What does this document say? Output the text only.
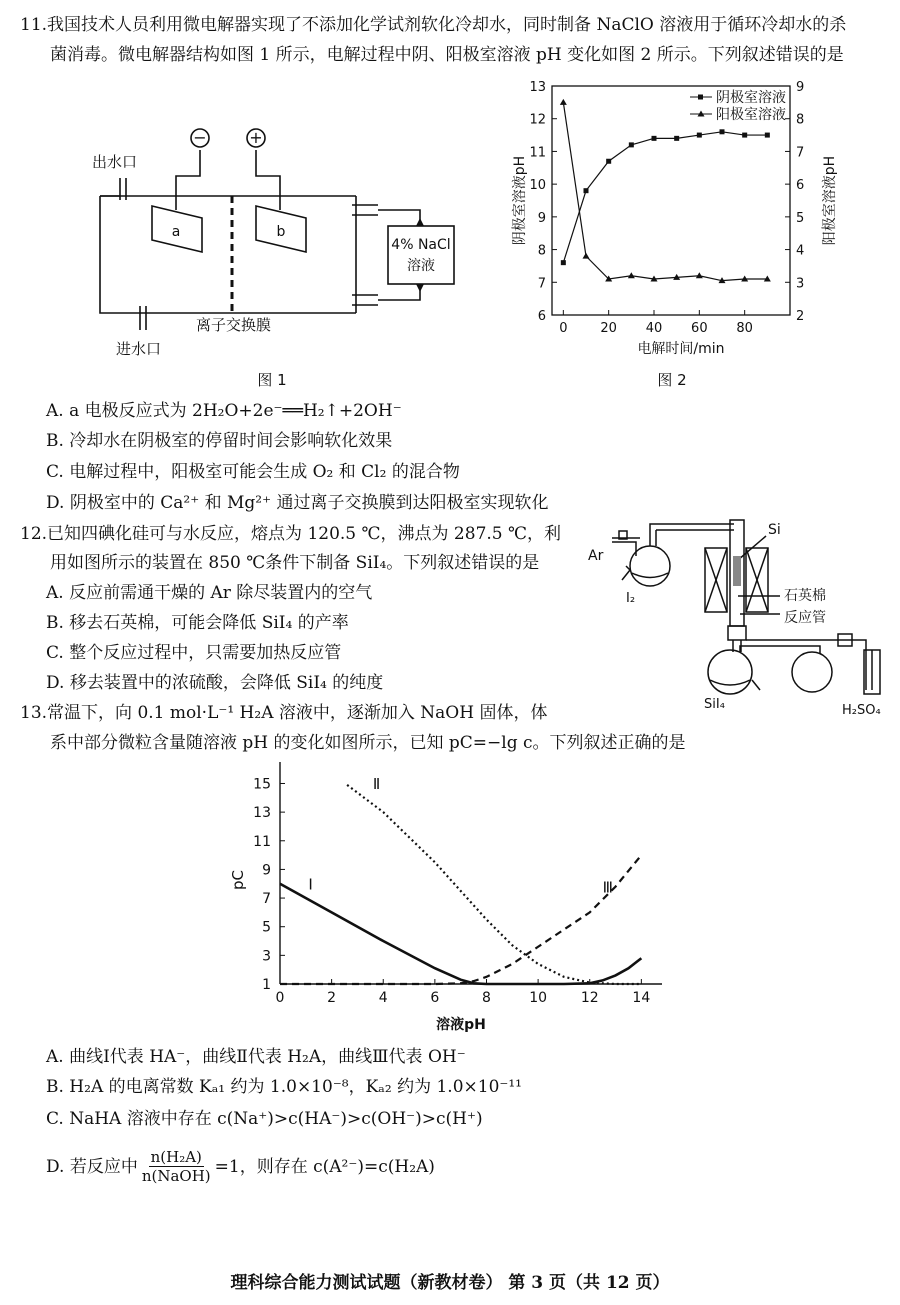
11.我国技术人员利用微电解器实现了不添加化学试剂软化冷却水，同时制备 NaClO 溶液用于循环冷却水的杀
菌消毒。微电解器结构如图 1 所示，电解过程中阴、阳极室溶液 pH 变化如图 2 所示。下列叙述错误的是
−	+
a	b
出水口
进水口
离子交换膜
4% NaCl
溶液
图 1
0	20 40 60 80
6
7
8
9
10
11
12
13
2
3
4
5
6
7
8
9
电解时间/min
阴极室溶液pH	阳极室溶液pH
阴极室溶液
阳极室溶液
图 2
A. a 电极反应式为 2H₂O+2e⁻══H₂↑+2OH⁻
B. 冷却水在阴极室的停留时间会影响软化效果
C. 电解过程中，阳极室可能会生成 O₂ 和 Cl₂ 的混合物
D. 阴极室中的 Ca²⁺ 和 Mg²⁺ 通过离子交换膜到达阳极室实现软化
12.已知四碘化硅可与水反应，熔点为 120.5 ℃，沸点为 287.5 ℃，利
用如图所示的装置在 850 ℃条件下制备 SiI₄。下列叙述错误的是
A. 反应前需通干燥的 Ar 除尽装置内的空气
B. 移去石英棉，可能会降低 SiI₄ 的产率
C. 整个反应过程中，只需要加热反应管
D. 移去装置中的浓硫酸，会降低 SiI₄ 的纯度
Ar
I₂
Si
石英棉
反应管
SiI₄	H₂SO₄
13.常温下，向 0.1 mol·L⁻¹ H₂A 溶液中，逐渐加入 NaOH 固体，体
系中部分微粒含量随溶液 pH 的变化如图所示，已知 pC=−lg c。下列叙述正确的是
0	2	4	6	8	10 12 14
1
3
5
7
9
11
13
15
溶液pH
pC	Ⅰ
Ⅱ
Ⅲ
A. 曲线Ⅰ代表 HA⁻，曲线Ⅱ代表 H₂A，曲线Ⅲ代表 OH⁻
B. H₂A 的电离常数 Kₐ₁ 约为 1.0×10⁻⁸，Kₐ₂ 约为 1.0×10⁻¹¹
C. NaHA 溶液中存在 c(Na⁺)>c(HA⁻)>c(OH⁻)>c(H⁺)
D. 若反应中 n(H₂A)
n(NaOH) =1，则存在 c(A²⁻)=c(H₂A)
理科综合能力测试试题（新教材卷） 第 3 页（共 12 页）
